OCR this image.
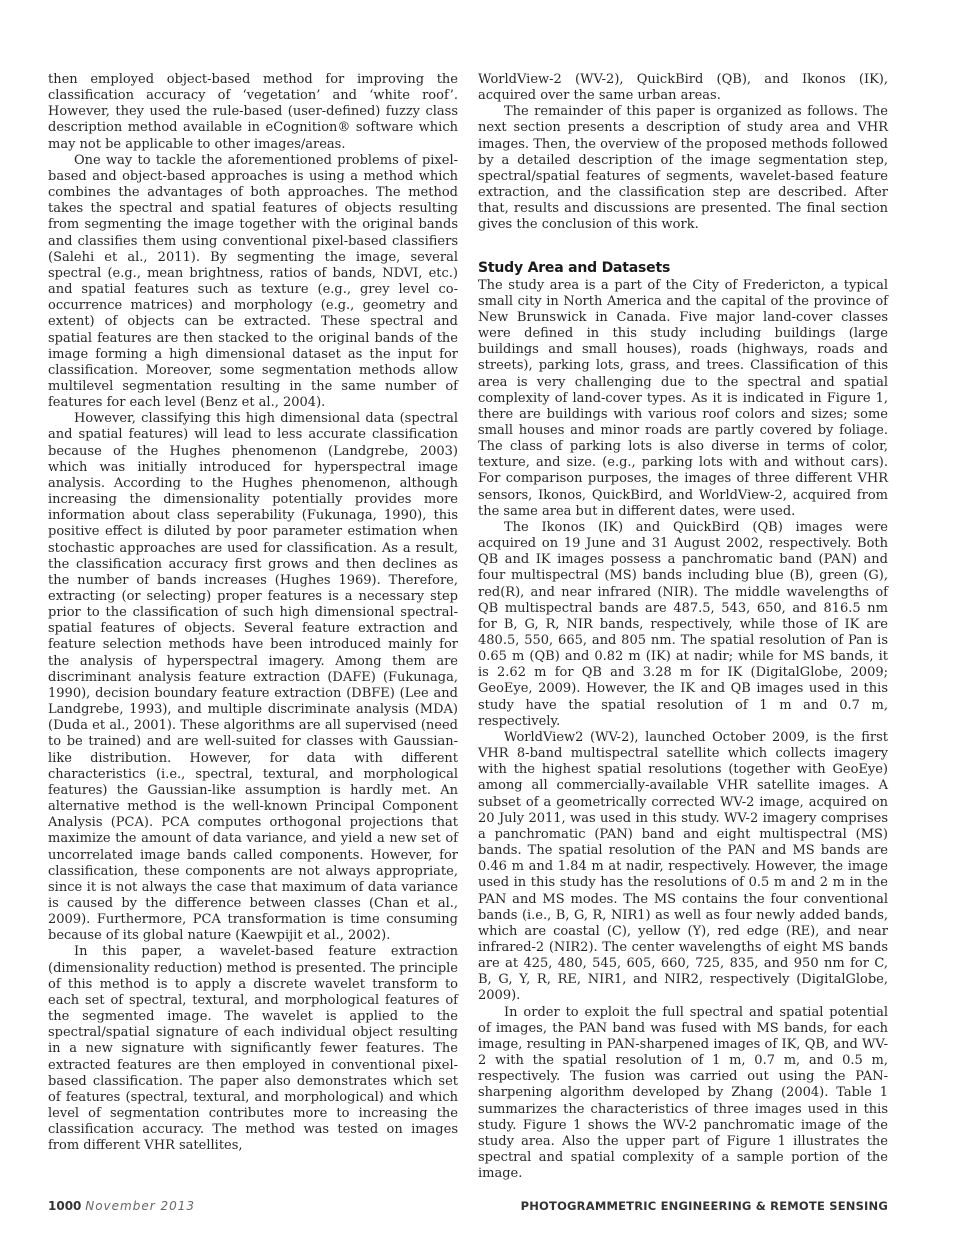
then employed object-based method for improving the classification accuracy of ‘vegetation’ and ‘white roof’. However, they used the rule-based (user-defined) fuzzy class description method available in eCognition® software which may not be applicable to other images/areas.

One way to tackle the aforementioned problems of pixel-based and object-based approaches is using a method which combines the advantages of both approaches. The method takes the spectral and spatial features of objects resulting from segmenting the image together with the original bands and classifies them using conventional pixel-based classifiers (Salehi et al., 2011). By segmenting the image, several spectral (e.g., mean brightness, ratios of bands, NDVI, etc.) and spatial features such as texture (e.g., grey level co-occurrence matrices) and morphology (e.g., geometry and extent) of objects can be extracted. These spectral and spatial features are then stacked to the original bands of the image forming a high dimensional dataset as the input for classification. Moreover, some segmentation methods allow multilevel segmentation resulting in the same number of features for each level (Benz et al., 2004).

However, classifying this high dimensional data (spectral and spatial features) will lead to less accurate classification because of the Hughes phenomenon (Landgrebe, 2003) which was initially introduced for hyperspectral image analysis. According to the Hughes phenomenon, although increasing the dimensionality potentially provides more information about class seperability (Fukunaga, 1990), this positive effect is diluted by poor parameter estimation when stochastic approaches are used for classification. As a result, the classification accuracy first grows and then declines as the number of bands increases (Hughes 1969). Therefore, extracting (or selecting) proper features is a necessary step prior to the classification of such high dimensional spectral-spatial features of objects. Several feature extraction and feature selection methods have been introduced mainly for the analysis of hyperspectral imagery. Among them are discriminant analysis feature extraction (DAFE) (Fukunaga, 1990), decision boundary feature extraction (DBFE) (Lee and Landgrebe, 1993), and multiple discriminate analysis (MDA) (Duda et al., 2001). These algorithms are all supervised (need to be trained) and are well-suited for classes with Gaussian-like distribution. However, for data with different characteristics (i.e., spectral, textural, and morphological features) the Gaussian-like assumption is hardly met. An alternative method is the well-known Principal Component Analysis (PCA). PCA computes orthogonal projections that maximize the amount of data variance, and yield a new set of uncorrelated image bands called components. However, for classification, these components are not always appropriate, since it is not always the case that maximum of data variance is caused by the difference between classes (Chan et al., 2009). Furthermore, PCA transformation is time consuming because of its global nature (Kaewpijit et al., 2002).

In this paper, a wavelet-based feature extraction (dimensionality reduction) method is presented. The principle of this method is to apply a discrete wavelet transform to each set of spectral, textural, and morphological features of the segmented image. The wavelet is applied to the spectral/spatial signature of each individual object resulting in a new signature with significantly fewer features. The extracted features are then employed in conventional pixel-based classification. The paper also demonstrates which set of features (spectral, textural, and morphological) and which level of segmentation contributes more to increasing the classification accuracy. The method was tested on images from different VHR satellites,

WorldView-2 (WV-2), QuickBird (QB), and Ikonos (IK), acquired over the same urban areas.

The remainder of this paper is organized as follows. The next section presents a description of study area and VHR images. Then, the overview of the proposed methods followed by a detailed description of the image segmentation step, spectral/spatial features of segments, wavelet-based feature extraction, and the classification step are described. After that, results and discussions are presented. The final section gives the conclusion of this work.

Study Area and Datasets

The study area is a part of the City of Fredericton, a typical small city in North America and the capital of the province of New Brunswick in Canada. Five major land-cover classes were defined in this study including buildings (large buildings and small houses), roads (highways, roads and streets), parking lots, grass, and trees. Classification of this area is very challenging due to the spectral and spatial complexity of land-cover types. As it is indicated in Figure 1, there are buildings with various roof colors and sizes; some small houses and minor roads are partly covered by foliage. The class of parking lots is also diverse in terms of color, texture, and size. (e.g., parking lots with and without cars). For comparison purposes, the images of three different VHR sensors, Ikonos, QuickBird, and WorldView-2, acquired from the same area but in different dates, were used.

The Ikonos (IK) and QuickBird (QB) images were acquired on 19 June and 31 August 2002, respectively. Both QB and IK images possess a panchromatic band (PAN) and four multispectral (MS) bands including blue (B), green (G), red(R), and near infrared (NIR). The middle wavelengths of QB multispectral bands are 487.5, 543, 650, and 816.5 nm for B, G, R, NIR bands, respectively, while those of IK are 480.5, 550, 665, and 805 nm. The spatial resolution of Pan is 0.65 m (QB) and 0.82 m (IK) at nadir; while for MS bands, it is 2.62 m for QB and 3.28 m for IK (DigitalGlobe, 2009; GeoEye, 2009). However, the IK and QB images used in this study have the spatial resolution of 1 m and 0.7 m, respectively.

WorldView2 (WV-2), launched October 2009, is the first VHR 8-band multispectral satellite which collects imagery with the highest spatial resolutions (together with GeoEye) among all commercially-available VHR satellite images. A subset of a geometrically corrected WV-2 image, acquired on 20 July 2011, was used in this study. WV-2 imagery comprises a panchromatic (PAN) band and eight multispectral (MS) bands. The spatial resolution of the PAN and MS bands are 0.46 m and 1.84 m at nadir, respectively. However, the image used in this study has the resolutions of 0.5 m and 2 m in the PAN and MS modes. The MS contains the four conventional bands (i.e., B, G, R, NIR1) as well as four newly added bands, which are coastal (C), yellow (Y), red edge (RE), and near infrared-2 (NIR2). The center wavelengths of eight MS bands are at 425, 480, 545, 605, 660, 725, 835, and 950 nm for C, B, G, Y, R, RE, NIR1, and NIR2, respectively (DigitalGlobe, 2009).

In order to exploit the full spectral and spatial potential of images, the PAN band was fused with MS bands, for each image, resulting in PAN-sharpened images of IK, QB, and WV-2 with the spatial resolution of 1 m, 0.7 m, and 0.5 m, respectively. The fusion was carried out using the PAN-sharpening algorithm developed by Zhang (2004). Table 1 summarizes the characteristics of three images used in this study. Figure 1 shows the WV-2 panchromatic image of the study area. Also the upper part of Figure 1 illustrates the spectral and spatial complexity of a sample portion of the image.

1000 November 2013	PHOTOGRAMMETRIC ENGINEERING & REMOTE SENSING
